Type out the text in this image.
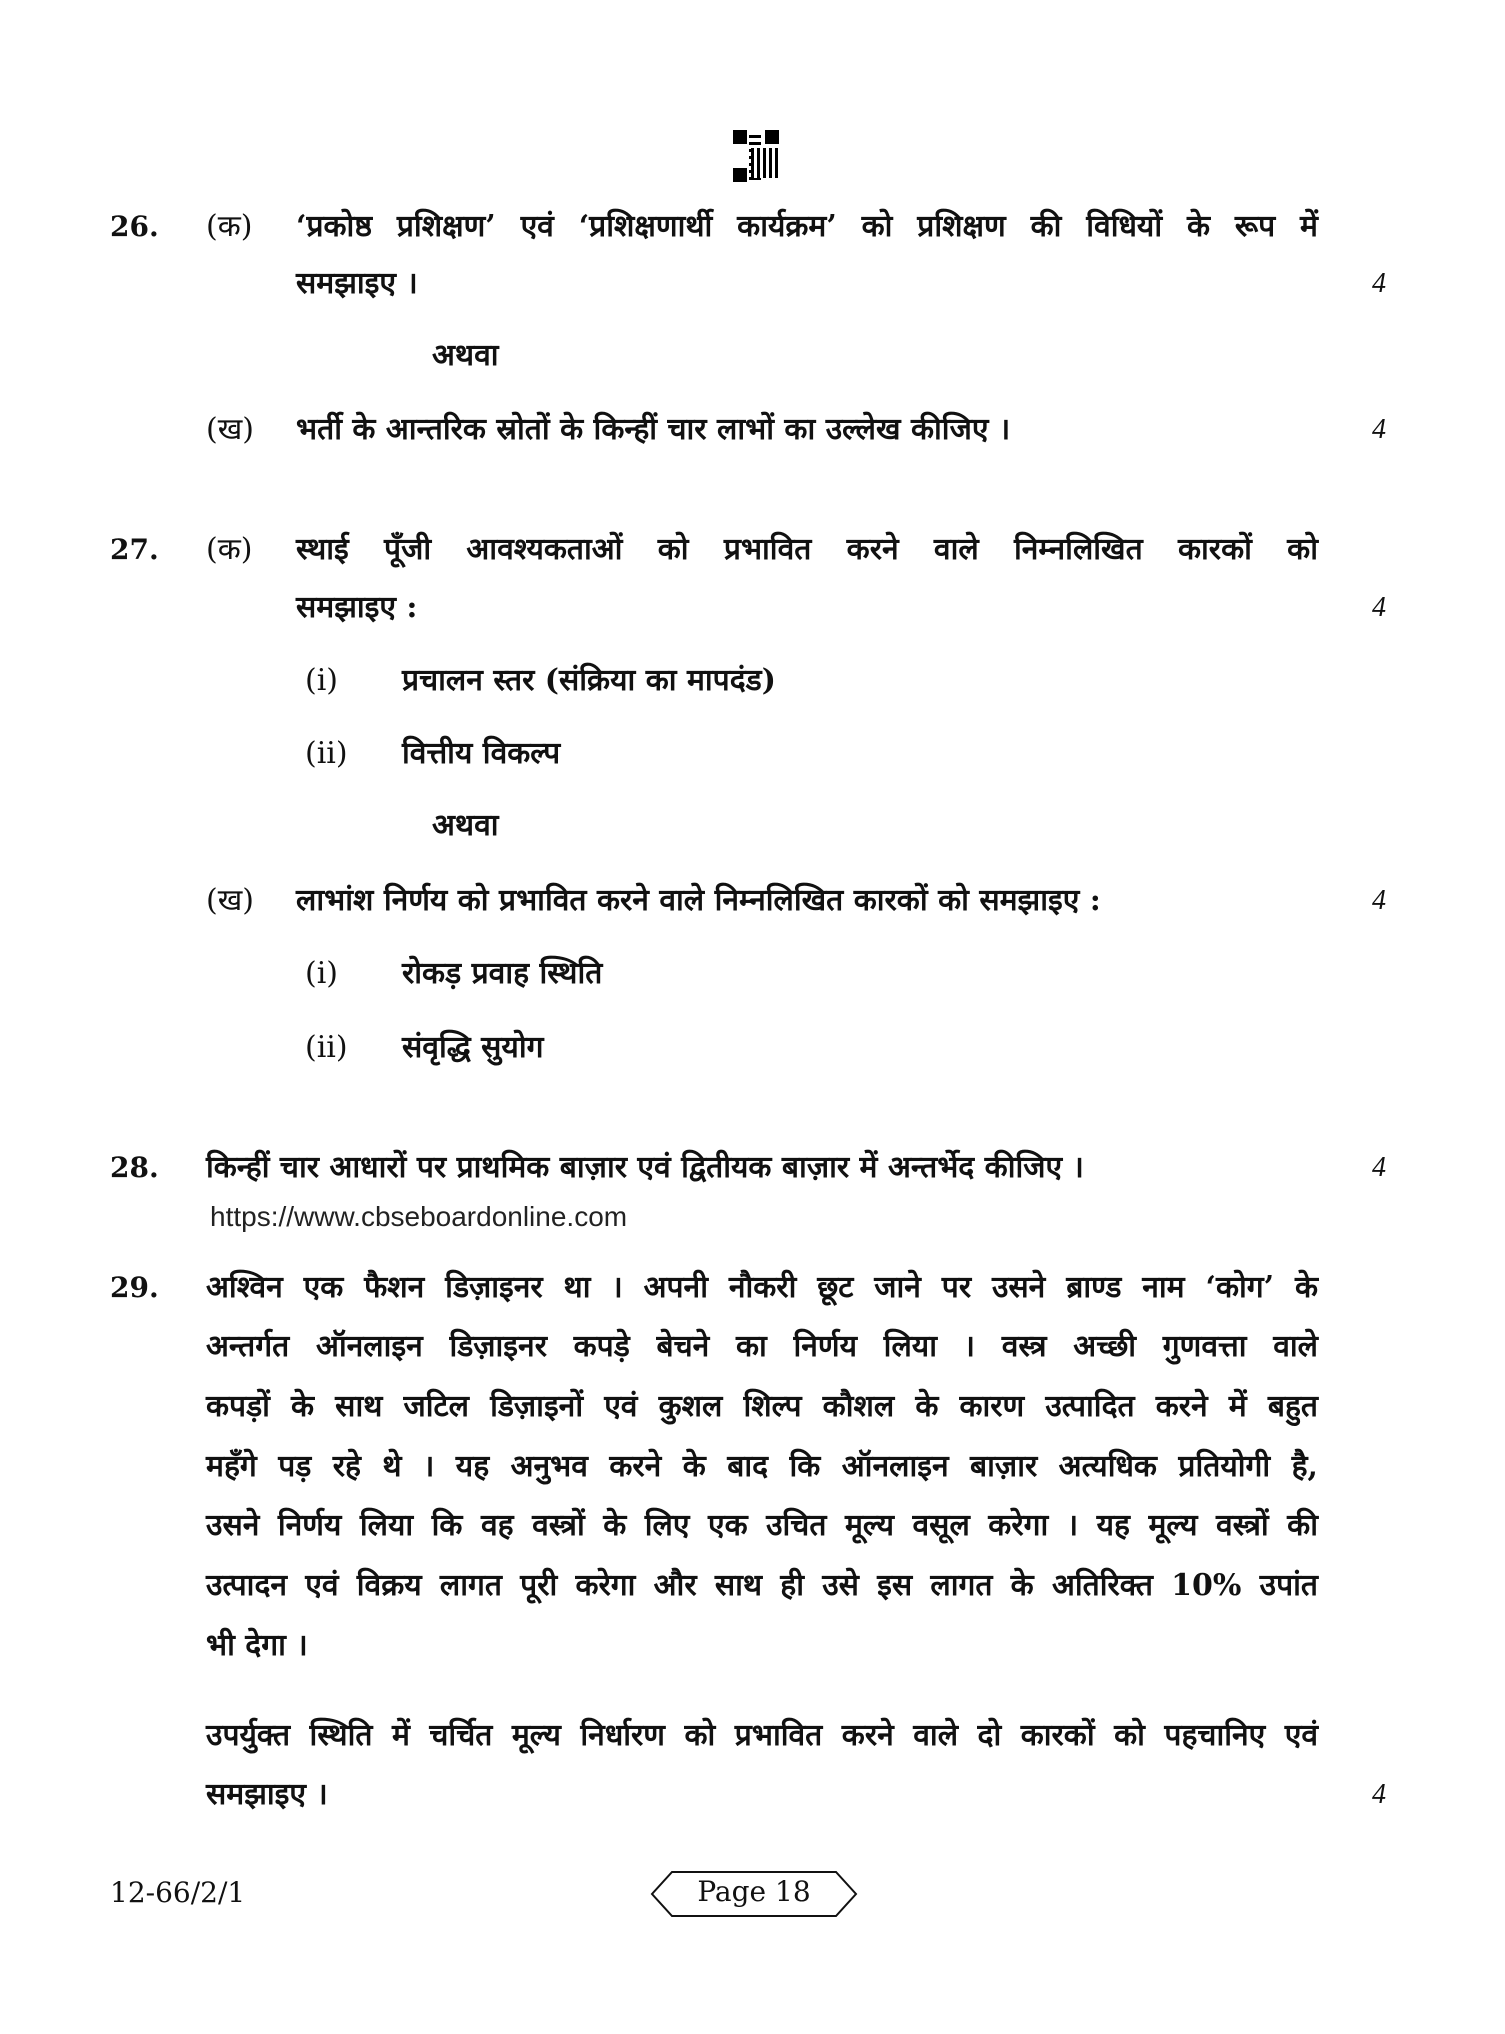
26. (क) ‘प्रकोष्ठ प्रशिक्षण’ एवं ‘प्रशिक्षणार्थी कार्यक्रम’ को प्रशिक्षण की विधियों के रूप में
समझाइए ।	4
अथवा
(ख) भर्ती के आन्तरिक स्रोतों के किन्हीं चार लाभों का उल्लेख कीजिए ।	4
27. (क) स्थाई पूँजी आवश्यकताओं को प्रभावित करने वाले निम्नलिखित कारकों को
समझाइए :	4
(i) प्रचालन स्तर (संक्रिया का मापदंड)
(ii) वित्तीय विकल्प
अथवा
(ख) लाभांश निर्णय को प्रभावित करने वाले निम्नलिखित कारकों को समझाइए :	4
(i) रोकड़ प्रवाह स्थिति
(ii) संवृद्धि सुयोग
28. किन्हीं चार आधारों पर प्राथमिक बाज़ार एवं द्वितीयक बाज़ार में अन्तर्भेद कीजिए ।	4
https://www.cbseboardonline.com
29. अश्विन एक फैशन डिज़ाइनर था । अपनी नौकरी छूट जाने पर उसने ब्राण्ड नाम ‘कोग’ के
अन्तर्गत ऑनलाइन डिज़ाइनर कपड़े बेचने का निर्णय लिया । वस्त्र अच्छी गुणवत्ता वाले
कपड़ों के साथ जटिल डिज़ाइनों एवं कुशल शिल्प कौशल के कारण उत्पादित करने में बहुत
महँगे पड़ रहे थे । यह अनुभव करने के बाद कि ऑनलाइन बाज़ार अत्यधिक प्रतियोगी है,
उसने निर्णय लिया कि वह वस्त्रों के लिए एक उचित मूल्य वसूल करेगा । यह मूल्य वस्त्रों की
उत्पादन एवं विक्रय लागत पूरी करेगा और साथ ही उसे इस लागत के अतिरिक्त 10% उपांत
भी देगा ।
उपर्युक्त स्थिति में चर्चित मूल्य निर्धारण को प्रभावित करने वाले दो कारकों को पहचानिए एवं
समझाइए ।	4
12-66/2/1	Page 18
